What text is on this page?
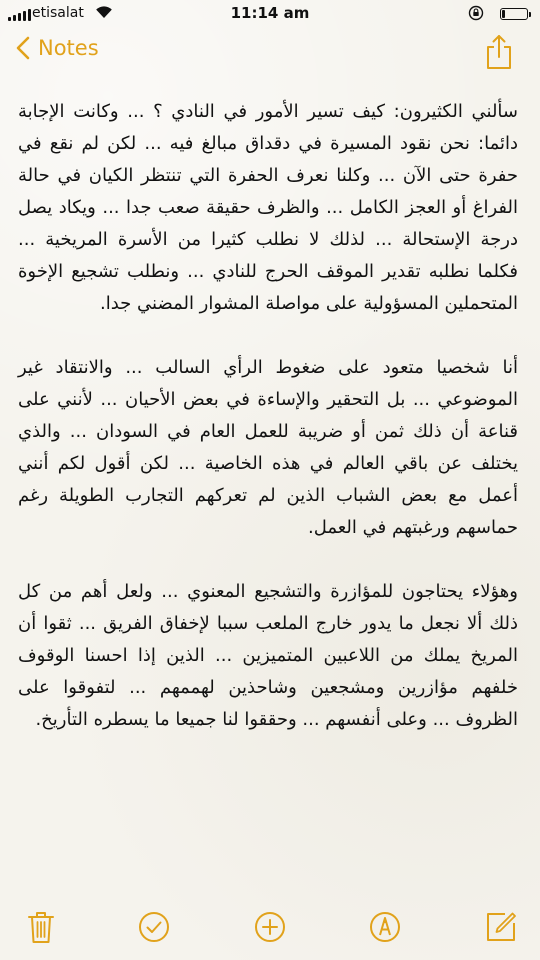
etisalat	11:14 am

Notes

سألني الكثيرون: كيف تسير الأمور في النادي ؟ ... وكانت الإجابة دائما: نحن نقود المسيرة في دقداق مبالغ فيه ... لكن لم نقع في حفرة حتى الآن ... وكلنا نعرف الحفرة التي تنتظر الكيان في حالة الفراغ أو العجز الكامل ... والظرف حقيقة صعب جدا ... ويكاد يصل درجة الإستحالة ... لذلك لا نطلب كثيرا من الأسرة المريخية ... فكلما نطلبه تقدير الموقف الحرج للنادي ... ونطلب تشجيع الإخوة المتحملين المسؤولية على مواصلة المشوار المضني جدا.

أنا شخصيا متعود على ضغوط الرأي السالب ... والانتقاد غير الموضوعي ... بل التحقير والإساءة في بعض الأحيان ... لأنني على قناعة أن ذلك ثمن أو ضريبة للعمل العام في السودان ... والذي يختلف عن باقي العالم في هذه الخاصية ... لكن أقول لكم أنني أعمل مع بعض الشباب الذين لم تعركهم التجارب الطويلة رغم حماسهم ورغبتهم في العمل.

وهؤلاء يحتاجون للمؤازرة والتشجيع المعنوي ... ولعل أهم من كل ذلك ألا نجعل ما يدور خارج الملعب سببا لإخفاق الفريق ... ثقوا أن المريخ يملك من اللاعبين المتميزين ... الذين إذا احسنا الوقوف خلفهم مؤازرين ومشجعين وشاحذين لهممهم ... لتفوقوا على الظروف ... وعلى أنفسهم ... وحققوا لنا جميعا ما يسطره التأريخ.
